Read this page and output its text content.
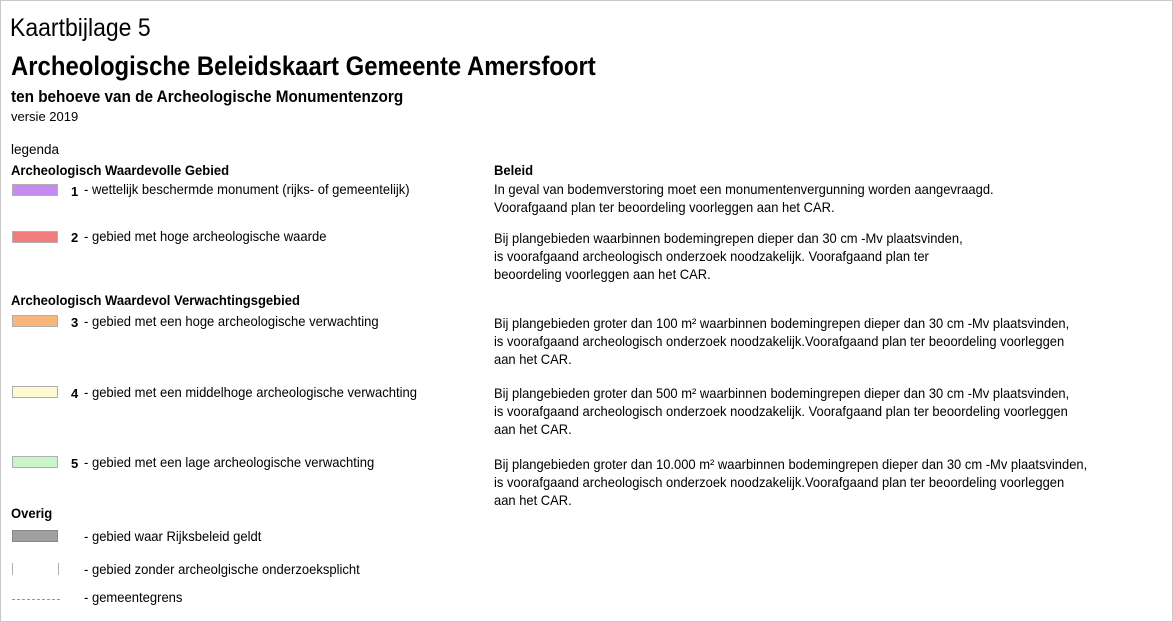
Kaartbijlage 5
Archeologische Beleidskaart Gemeente Amersfoort
ten behoeve van de Archeologische Monumentenzorg
versie 2019
legenda
Archeologisch Waardevolle Gebied
Archeologisch Waardevol Verwachtingsgebied
Overig
Beleid
1 - wettelijk beschermde monument (rijks- of gemeentelijk)	In geval van bodemverstoring moet een monumentenvergunning worden aangevraagd.
Voorafgaand plan ter beoordeling voorleggen aan het CAR.
2 - gebied met hoge archeologische waarde	Bij plangebieden waarbinnen bodemingrepen dieper dan 30 cm -Mv plaatsvinden,
is voorafgaand archeologisch onderzoek noodzakelijk. Voorafgaand plan ter
beoordeling voorleggen aan het CAR.
3 - gebied met een hoge archeologische verwachting	Bij plangebieden groter dan 100 m² waarbinnen bodemingrepen dieper dan 30 cm -Mv plaatsvinden,
is voorafgaand archeologisch onderzoek noodzakelijk.Voorafgaand plan ter beoordeling voorleggen
aan het CAR.
4 - gebied met een middelhoge archeologische verwachting	Bij plangebieden groter dan 500 m² waarbinnen bodemingrepen dieper dan 30 cm -Mv plaatsvinden,
is voorafgaand archeologisch onderzoek noodzakelijk. Voorafgaand plan ter beoordeling voorleggen
aan het CAR.
5 - gebied met een lage archeologische verwachting	Bij plangebieden groter dan 10.000 m² waarbinnen bodemingrepen dieper dan 30 cm -Mv plaatsvinden,
is voorafgaand archeologisch onderzoek noodzakelijk.Voorafgaand plan ter beoordeling voorleggen
aan het CAR.
- gebied waar Rijksbeleid geldt
- gebied zonder archeolgische onderzoeksplicht
- gemeentegrens
